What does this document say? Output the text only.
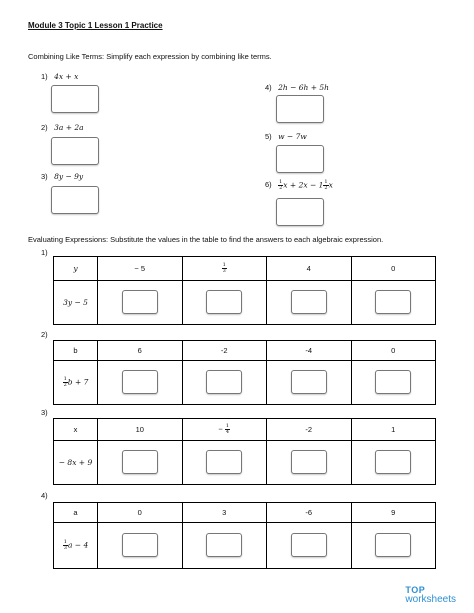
Module 3 Topic 1 Lesson 1 Practice
Combining Like Terms: Simplify each expression by combining like terms.
1) 4x + x
2) 3a + 2a
3) 8y − 9y
4) 2h − 6h + 5h
5) w − 7w
$6) \frac{1}{2}$ $x + 2x - 1 \frac{1}{2}$ x
Evaluating Expressions: Substitute the values in the table to find the answers to each algebraic expression.
1)
y	− 5	$\frac{1}{3}$	4	0
3y − 5				
2)
b	6	-2	-4	0

$\frac{1}{2}$ b + 7				
3)
x	10	− $\frac{1}{4}$	-2	1
− 8x + 9				
4)
a	0	3	-6	9

$\frac{1}{3}$ a − 4				
TOP
worksheets
